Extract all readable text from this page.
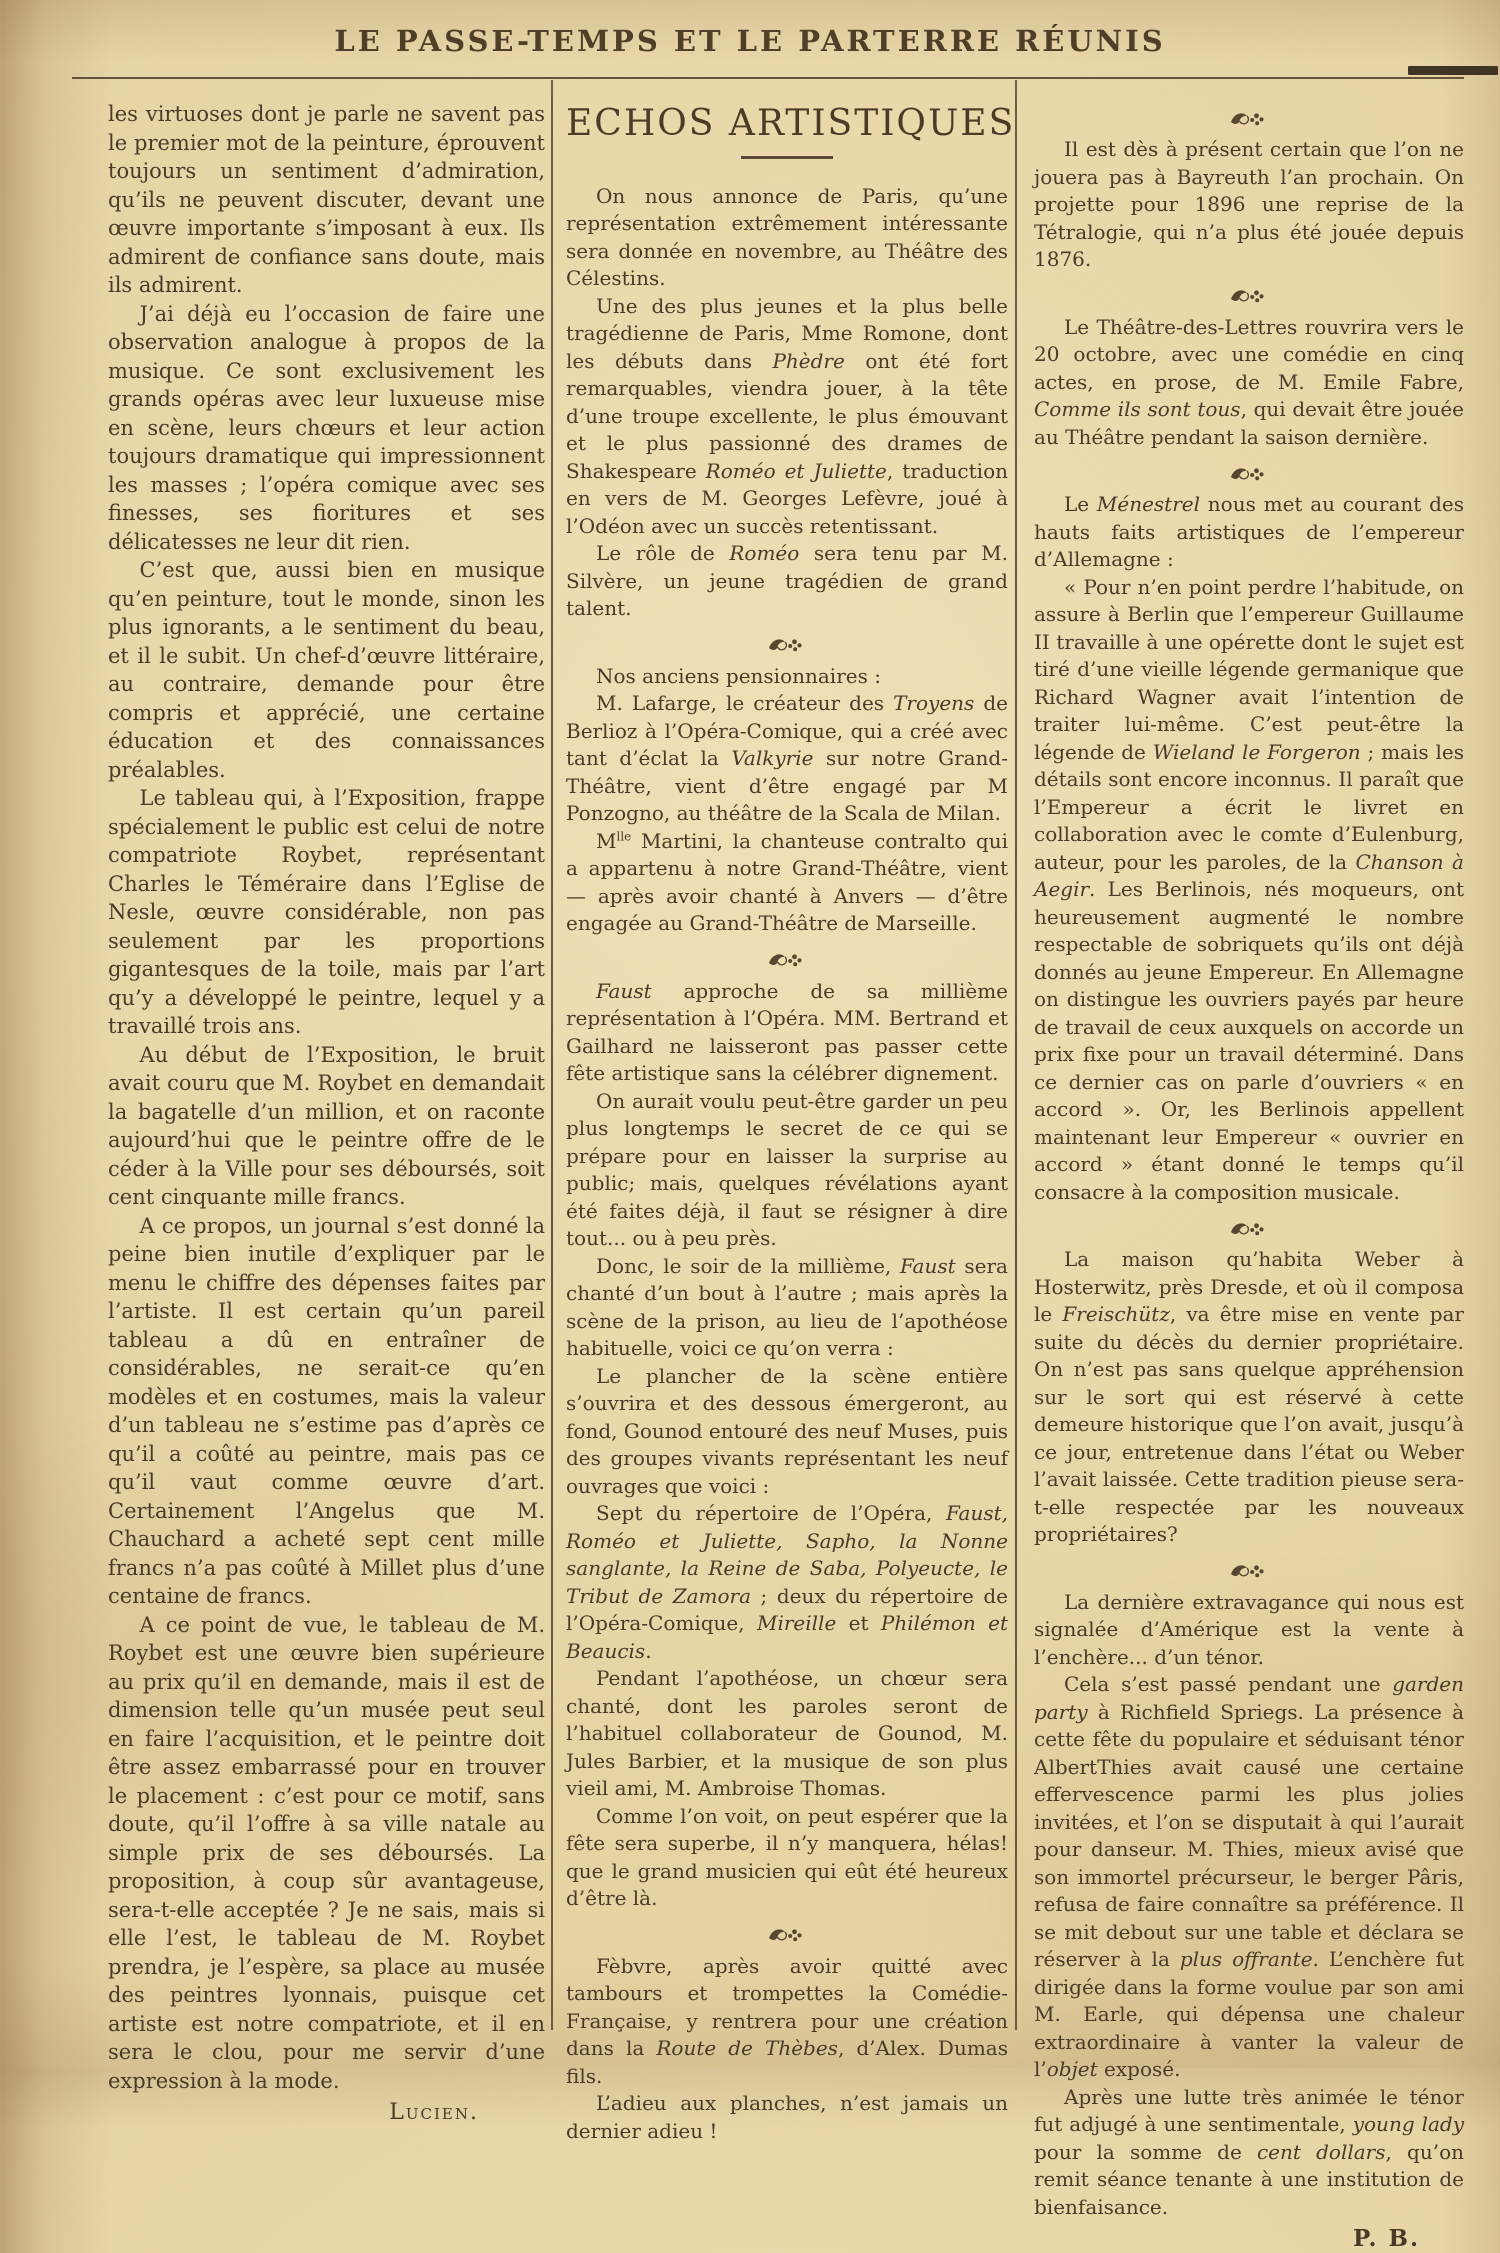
LE PASSE-TEMPS ET LE PARTERRE RÉUNIS

les virtuoses dont je parle ne savent pas le premier mot de la peinture, éprouvent toujours un sentiment d’admiration, qu’ils ne peuvent discuter, devant une œuvre importante s’imposant à eux. Ils admirent de confiance sans doute, mais ils admirent.

J’ai déjà eu l’occasion de faire une observation analogue à propos de la musique. Ce sont exclusivement les grands opéras avec leur luxueuse mise en scène, leurs chœurs et leur action toujours dramatique qui impressionnent les masses ; l’opéra comique avec ses finesses, ses fioritures et ses délicatesses ne leur dit rien.

C’est que, aussi bien en musique qu’en peinture, tout le monde, sinon les plus ignorants, a le sentiment du beau, et il le subit. Un chef-d’œuvre littéraire, au contraire, demande pour être compris et apprécié, une certaine éducation et des connaissances préalables.

Le tableau qui, à l’Exposition, frappe spécialement le public est celui de notre compatriote Roybet, représentant Charles le Téméraire dans l’Eglise de Nesle, œuvre considérable, non pas seulement par les proportions gigantesques de la toile, mais par l’art qu’y a développé le peintre, lequel y a travaillé trois ans.

Au début de l’Exposition, le bruit avait couru que M. Roybet en demandait la bagatelle d’un million, et on raconte aujourd’hui que le peintre offre de le céder à la Ville pour ses déboursés, soit cent cinquante mille francs.

A ce propos, un journal s’est donné la peine bien inutile d’expliquer par le menu le chiffre des dépenses faites par l’artiste. Il est certain qu’un pareil tableau a dû en entraîner de considérables, ne serait-ce qu’en modèles et en costumes, mais la valeur d’un tableau ne s’estime pas d’après ce qu’il a coûté au peintre, mais pas ce qu’il vaut comme œuvre d’art. Certainement l’Angelus que M. Chauchard a acheté sept cent mille francs n’a pas coûté à Millet plus d’une centaine de francs.

A ce point de vue, le tableau de M. Roybet est une œuvre bien supérieure au prix qu’il en demande, mais il est de dimension telle qu’un musée peut seul en faire l’acquisition, et le peintre doit être assez embarrassé pour en trouver le placement : c’est pour ce motif, sans doute, qu’il l’offre à sa ville natale au simple prix de ses déboursés. La proposition, à coup sûr avantageuse, sera-t-elle acceptée ? Je ne sais, mais si elle l’est, le tableau de M. Roybet prendra, je l’espère, sa place au musée des peintres lyonnais, puisque cet artiste est notre compatriote, et il en sera le clou, pour me servir d’une expression à la mode.

Lucien.
ECHOS ARTISTIQUES

On nous annonce de Paris, qu’une représentation extrêmement intéressante sera donnée en novembre, au Théâtre des Célestins.

Une des plus jeunes et la plus belle tragédienne de Paris, Mme Romone, dont les débuts dans Phèdre ont été fort remarquables, viendra jouer, à la tête d’une troupe excellente, le plus émouvant et le plus passionné des drames de Shakespeare Roméo et Juliette, traduction en vers de M. Georges Lefèvre, joué à l’Odéon avec un succès retentissant.

Le rôle de Roméo sera tenu par M. Silvère, un jeune tragédien de grand talent.

Nos anciens pensionnaires :

M. Lafarge, le créateur des Troyens de Berlioz à l’Opéra-Comique, qui a créé avec tant d’éclat la Valkyrie sur notre Grand-Théâtre, vient d’être engagé par M Ponzogno, au théâtre de la Scala de Milan.

$M^{lle}$ Martini, la chanteuse contralto qui a appartenu à notre Grand-Théâtre, vient — après avoir chanté à Anvers — d’être engagée au Grand-Théâtre de Marseille.

Faust approche de sa millième représentation à l’Opéra. MM. Bertrand et Gailhard ne laisseront pas passer cette fête artistique sans la célébrer dignement.

On aurait voulu peut-être garder un peu plus longtemps le secret de ce qui se prépare pour en laisser la surprise au public; mais, quelques révélations ayant été faites déjà, il faut se résigner à dire tout... ou à peu près.

Donc, le soir de la millième, Faust sera chanté d’un bout à l’autre ; mais après la scène de la prison, au lieu de l’apothéose habituelle, voici ce qu’on verra :

Le plancher de la scène entière s’ouvrira et des dessous émergeront, au fond, Gounod entouré des neuf Muses, puis des groupes vivants représentant les neuf ouvrages que voici :

Sept du répertoire de l’Opéra, Faust, Roméo et Juliette, Sapho, la Nonne sanglante, la Reine de Saba, Polyeucte, le Tribut de Zamora ; deux du répertoire de l’Opéra-Comique, Mireille et Philémon et Beaucis.

Pendant l’apothéose, un chœur sera chanté, dont les paroles seront de l’habituel collaborateur de Gounod, M. Jules Barbier, et la musique de son plus vieil ami, M. Ambroise Thomas.

Comme l’on voit, on peut espérer que la fête sera superbe, il n’y manquera, hélas! que le grand musicien qui eût été heureux d’être là.

Fèbvre, après avoir quitté avec tambours et trompettes la Comédie-Française, y rentrera pour une création dans la Route de Thèbes, d’Alex. Dumas fils.

L’adieu aux planches, n’est jamais un dernier adieu !

Il est dès à présent certain que l’on ne jouera pas à Bayreuth l’an prochain. On projette pour 1896 une reprise de la Tétralogie, qui n’a plus été jouée depuis 1876.

Le Théâtre-des-Lettres rouvrira vers le 20 octobre, avec une comédie en cinq actes, en prose, de M. Emile Fabre, Comme ils sont tous, qui devait être jouée au Théâtre pendant la saison dernière.

Le Ménestrel nous met au courant des hauts faits artistiques de l’empereur d’Allemagne :

« Pour n’en point perdre l’habitude, on assure à Berlin que l’empereur Guillaume II travaille à une opérette dont le sujet est tiré d’une vieille légende germanique que Richard Wagner avait l’intention de traiter lui-même. C’est peut-être la légende de Wieland le Forgeron ; mais les détails sont encore inconnus. Il paraît que l’Empereur a écrit le livret en collaboration avec le comte d’Eulenburg, auteur, pour les paroles, de la Chanson à Aegir. Les Berlinois, nés moqueurs, ont heureusement augmenté le nombre respectable de sobriquets qu’ils ont déjà donnés au jeune Empereur. En Allemagne on distingue les ouvriers payés par heure de travail de ceux auxquels on accorde un prix fixe pour un travail déterminé. Dans ce dernier cas on parle d’ouvriers « en accord ». Or, les Berlinois appellent maintenant leur Empereur « ouvrier en accord » étant donné le temps qu’il consacre à la composition musicale.

La maison qu’habita Weber à Hosterwitz, près Dresde, et où il composa le Freischütz, va être mise en vente par suite du décès du dernier propriétaire. On n’est pas sans quelque appréhension sur le sort qui est réservé à cette demeure historique que l’on avait, jusqu’à ce jour, entretenue dans l’état ou Weber l’avait laissée. Cette tradition pieuse sera-t-elle respectée par les nouveaux propriétaires?

La dernière extravagance qui nous est signalée d’Amérique est la vente à l’enchère... d’un ténor.

Cela s’est passé pendant une garden party à Richfield Spriegs. La présence à cette fête du populaire et séduisant ténor AlbertThies avait causé une certaine effervescence parmi les plus jolies invitées, et l’on se disputait à qui l’aurait pour danseur. M. Thies, mieux avisé que son immortel précurseur, le berger Pâris, refusa de faire connaître sa préférence. Il se mit debout sur une table et déclara se réserver à la plus offrante. L’enchère fut dirigée dans la forme voulue par son ami M. Earle, qui dépensa une chaleur extraordinaire à vanter la valeur de l’objet exposé.

Après une lutte très animée le ténor fut adjugé à une sentimentale, young lady pour la somme de cent dollars, qu’on remit séance tenante à une institution de bienfaisance.

P. B.
